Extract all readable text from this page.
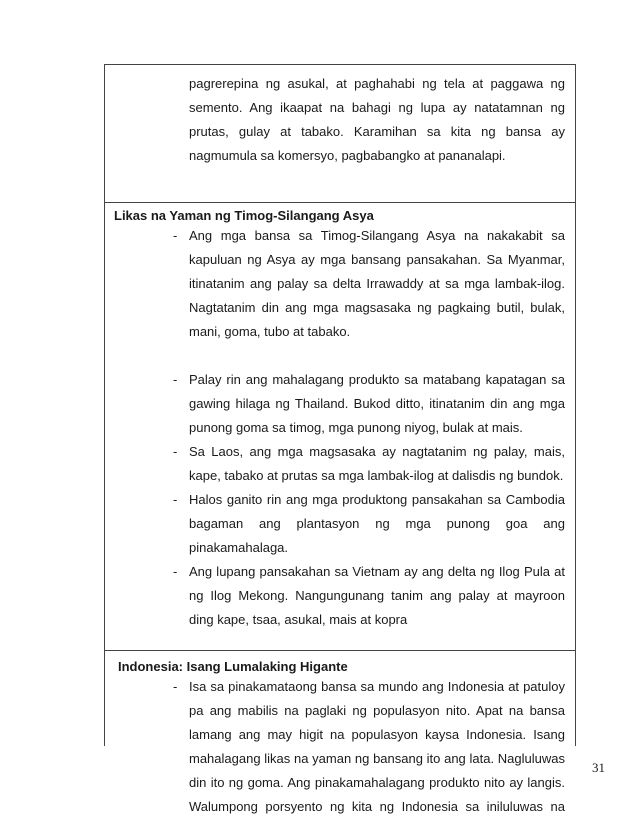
pagrerepina ng asukal, at paghahabi ng tela at paggawa ng semento. Ang ikaapat na bahagi ng lupa ay natatamnan ng prutas, gulay at tabako. Karamihan sa kita ng bansa ay nagmumula sa komersyo, pagbabangko at pananalapi.
Likas na Yaman ng Timog-Silangang Asya
- Ang mga bansa sa Timog-Silangang Asya na nakakabit sa kapuluan ng Asya ay mga bansang pansakahan. Sa Myanmar, itinatanim ang palay sa delta Irrawaddy at sa mga lambak-ilog. Nagtatanim din ang mga magsasaka ng pagkaing butil, bulak, mani, goma, tubo at tabako.
- Palay rin ang mahalagang produkto sa matabang kapatagan sa gawing hilaga ng Thailand. Bukod ditto, itinatanim din ang mga punong goma sa timog, mga punong niyog, bulak at mais.
- Sa Laos, ang mga magsasaka ay nagtatanim ng palay, mais, kape, tabako at prutas sa mga lambak-ilog at dalisdis ng bundok.
- Halos ganito rin ang mga produktong pansakahan sa Cambodia bagaman ang plantasyon ng mga punong goa ang pinakamahalaga.
- Ang lupang pansakahan sa Vietnam ay ang delta ng Ilog Pula at ng Ilog Mekong. Nangungunang tanim ang palay at mayroon ding kape, tsaa, asukal, mais at kopra
Indonesia: Isang Lumalaking Higante
- Isa sa pinakamataong bansa sa mundo ang Indonesia at patuloy pa ang mabilis na paglaki ng populasyon nito. Apat na bansa lamang ang may higit na populasyon kaysa Indonesia. Isang mahalagang likas na yaman ng bansang ito ang lata. Nagluluwas din ito ng goma. Ang pinakamahalagang produkto nito ay langis. Walumpong porsyento ng kita ng Indonesia sa iniluluwas na
31
